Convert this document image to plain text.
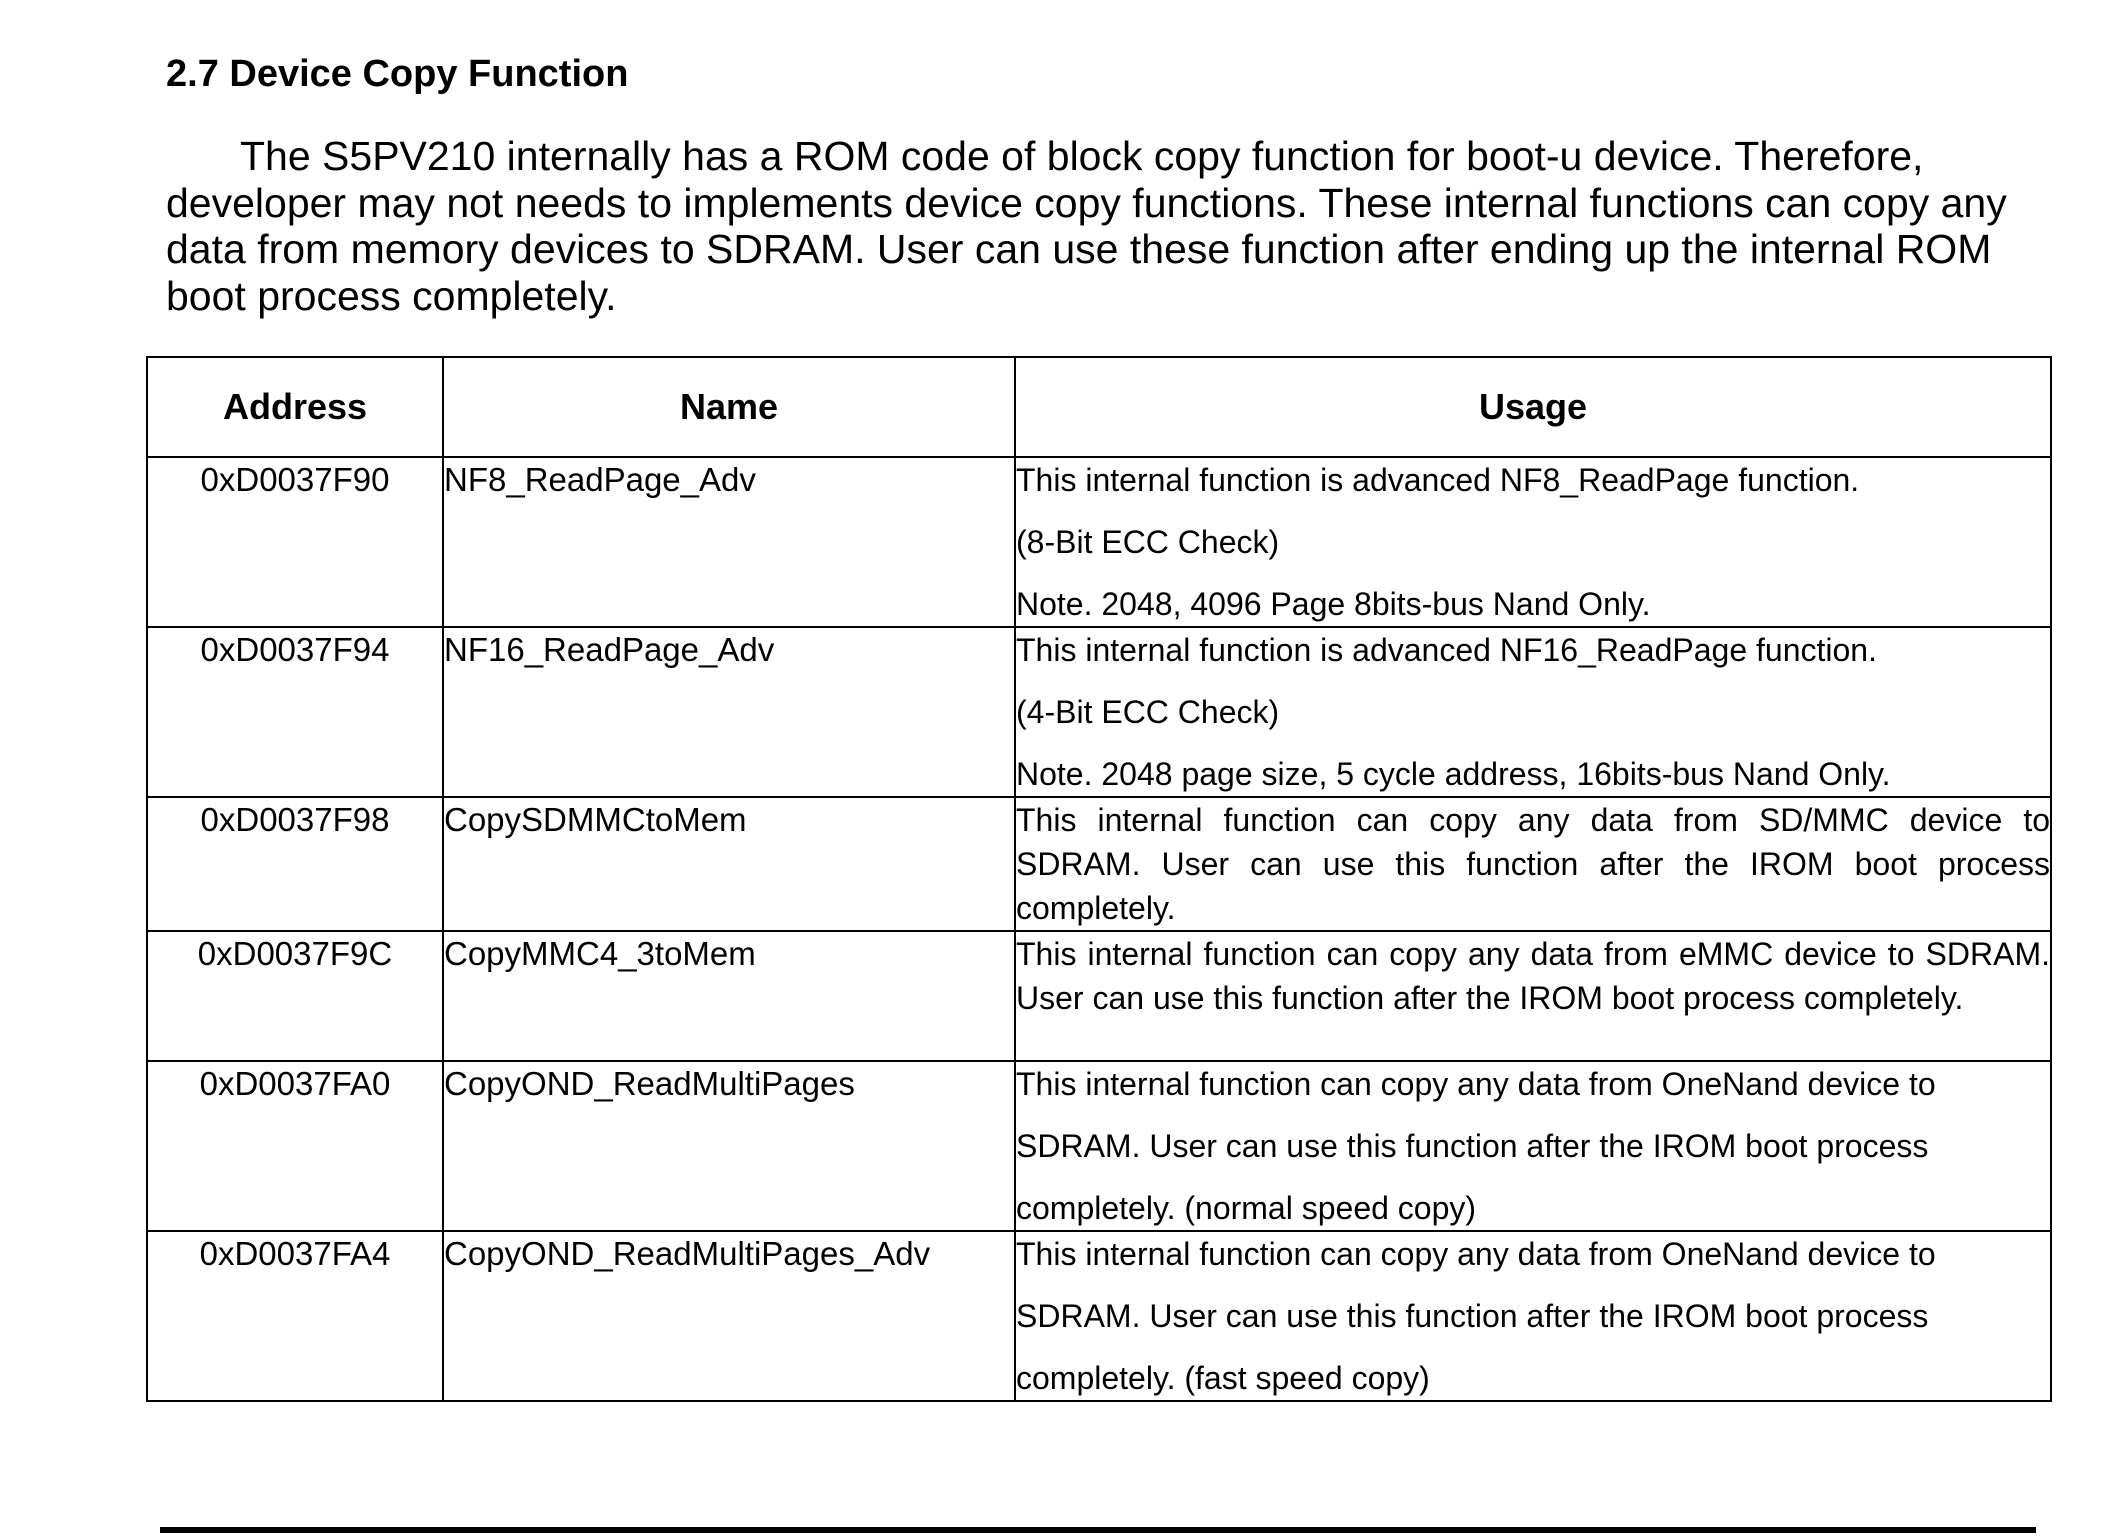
2.7 Device Copy Function

The S5PV210 internally has a ROM code of block copy function for boot-u device. Therefore,
developer may not needs to implements device copy functions. These internal functions can copy any
data from memory devices to SDRAM. User can use these function after ending up the internal ROM
boot process completely.

Address	Name	Usage
0xD0037F90	NF8_ReadPage_Adv	This internal function is advanced NF8_ReadPage function.
(8-Bit ECC Check)
Note. 2048, 4096 Page 8bits-bus Nand Only.

0xD0037F94	NF16_ReadPage_Adv	This internal function is advanced NF16_ReadPage function.
(4-Bit ECC Check)
Note. 2048 page size, 5 cycle address, 16bits-bus Nand Only.

0xD0037F98	CopySDMMCtoMem	This internal function can copy any data from SD/MMC device to SDRAM. User can use this function after the IROM boot process completely.
0xD0037F9C	CopyMMC4_3toMem	This internal function can copy any data from eMMC device to SDRAM. User can use this function after the IROM boot process completely.
0xD0037FA0	CopyOND_ReadMultiPages	This internal function can copy any data from OneNand device to
SDRAM. User can use this function after the IROM boot process
completely. (normal speed copy)

0xD0037FA4	CopyOND_ReadMultiPages_Adv	This internal function can copy any data from OneNand device to
SDRAM. User can use this function after the IROM boot process
completely. (fast speed copy)
